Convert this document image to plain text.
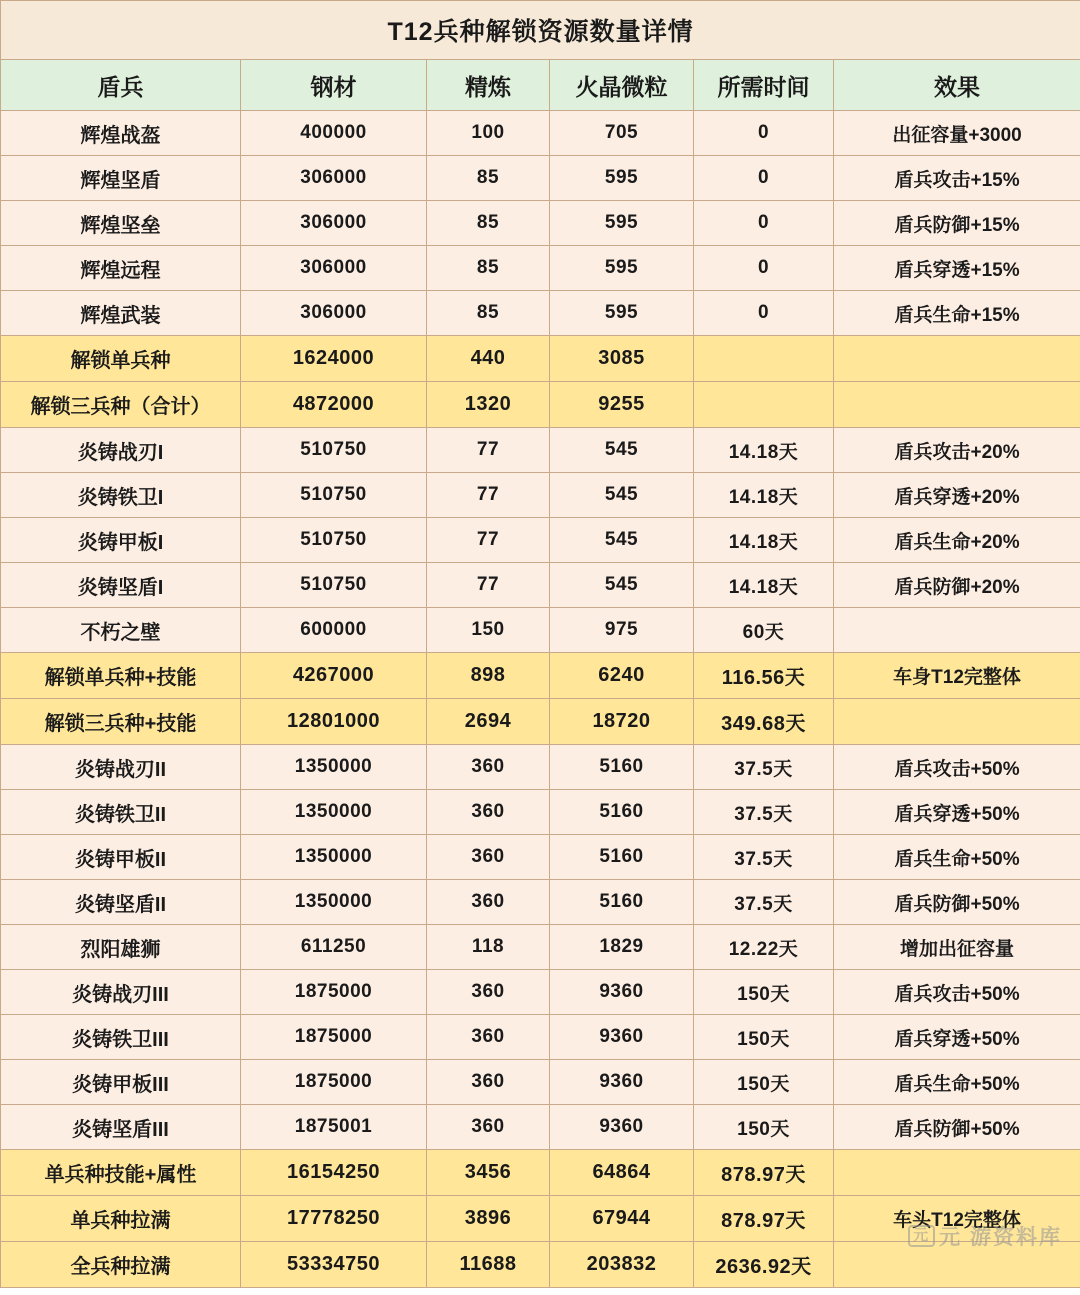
T12兵种解锁资源数量详情					
盾兵	钢材	精炼	火晶微粒	所需时间	效果
辉煌战盔	400000	100	705	0	出征容量+3000
辉煌坚盾	306000	85	595	0	盾兵攻击+15%
辉煌坚垒	306000	85	595	0	盾兵防御+15%
辉煌远程	306000	85	595	0	盾兵穿透+15%
辉煌武装	306000	85	595	0	盾兵生命+15%
解锁单兵种	1624000	440	3085		
解锁三兵种（合计）	4872000	1320	9255		
炎铸战刃I	510750	77	545	14.18天	盾兵攻击+20%
炎铸铁卫I	510750	77	545	14.18天	盾兵穿透+20%
炎铸甲板I	510750	77	545	14.18天	盾兵生命+20%
炎铸坚盾I	510750	77	545	14.18天	盾兵防御+20%
不朽之壁	600000	150	975	60天	
解锁单兵种+技能	4267000	898	6240	116.56天	车身T12完整体
解锁三兵种+技能	12801000	2694	18720	349.68天	
炎铸战刃II	1350000	360	5160	37.5天	盾兵攻击+50%
炎铸铁卫II	1350000	360	5160	37.5天	盾兵穿透+50%
炎铸甲板II	1350000	360	5160	37.5天	盾兵生命+50%
炎铸坚盾II	1350000	360	5160	37.5天	盾兵防御+50%
烈阳雄狮	611250	118	1829	12.22天	增加出征容量
炎铸战刃III	1875000	360	9360	150天	盾兵攻击+50%
炎铸铁卫III	1875000	360	9360	150天	盾兵穿透+50%
炎铸甲板III	1875000	360	9360	150天	盾兵生命+50%
炎铸坚盾III	1875001	360	9360	150天	盾兵防御+50%
单兵种技能+属性	16154250	3456	64864	878.97天	
单兵种拉满	17778250	3896	67944	878.97天	车头T12完整体
全兵种拉满	53334750	11688	203832	2636.92天	
元 元 游资料库
